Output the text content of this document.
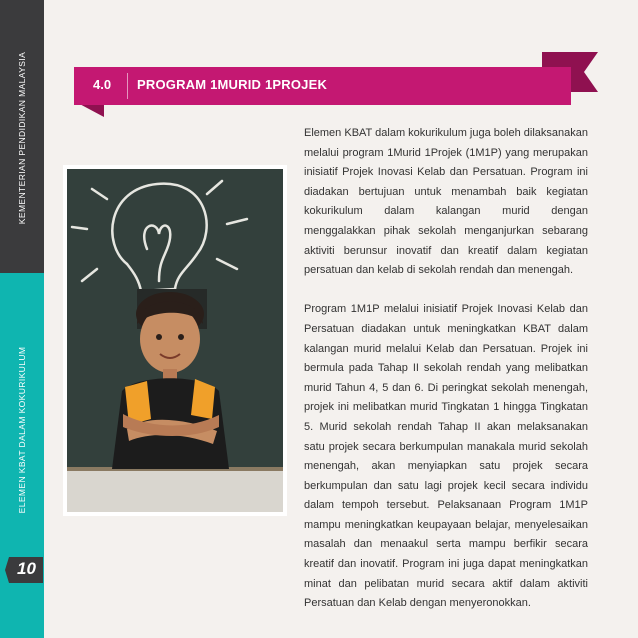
KEMENTERIAN PENDIDIKAN MALAYSIA
ELEMEN KBAT DALAM KOKURIKULUM
10
4.0 PROGRAM 1MURID 1PROJEK

Elemen KBAT dalam kokurikulum juga boleh dilaksanakan melalui program 1Murid 1Projek (1M1P) yang merupakan inisiatif Projek Inovasi Kelab dan Persatuan. Program ini diadakan bertujuan untuk menambah baik kegiatan kokurikulum dalam kalangan murid dengan menggalakkan pihak sekolah menganjurkan sebarang aktiviti berunsur inovatif dan kreatif dalam kegiatan persatuan dan kelab di sekolah rendah dan menengah.

Program 1M1P melalui inisiatif Projek Inovasi Kelab dan Persatuan diadakan untuk meningkatkan KBAT dalam kalangan murid melalui Kelab dan Persatuan. Projek ini bermula pada Tahap II sekolah rendah yang melibatkan murid Tahun 4, 5 dan 6. Di peringkat sekolah menengah, projek ini melibatkan murid Tingkatan 1 hingga Tingkatan 5. Murid sekolah rendah Tahap II akan melaksanakan satu projek secara berkumpulan manakala murid sekolah menengah, akan menyiapkan satu projek secara berkumpulan dan satu lagi projek kecil secara individu dalam tempoh tersebut. Pelaksanaan Program 1M1P mampu meningkatkan keupayaan belajar, menyelesaikan masalah dan menaakul serta mampu berfikir secara kreatif dan inovatif. Program ini juga dapat meningkatkan minat dan pelibatan murid secara aktif dalam aktiviti Persatuan dan Kelab dengan menyeronokkan.
